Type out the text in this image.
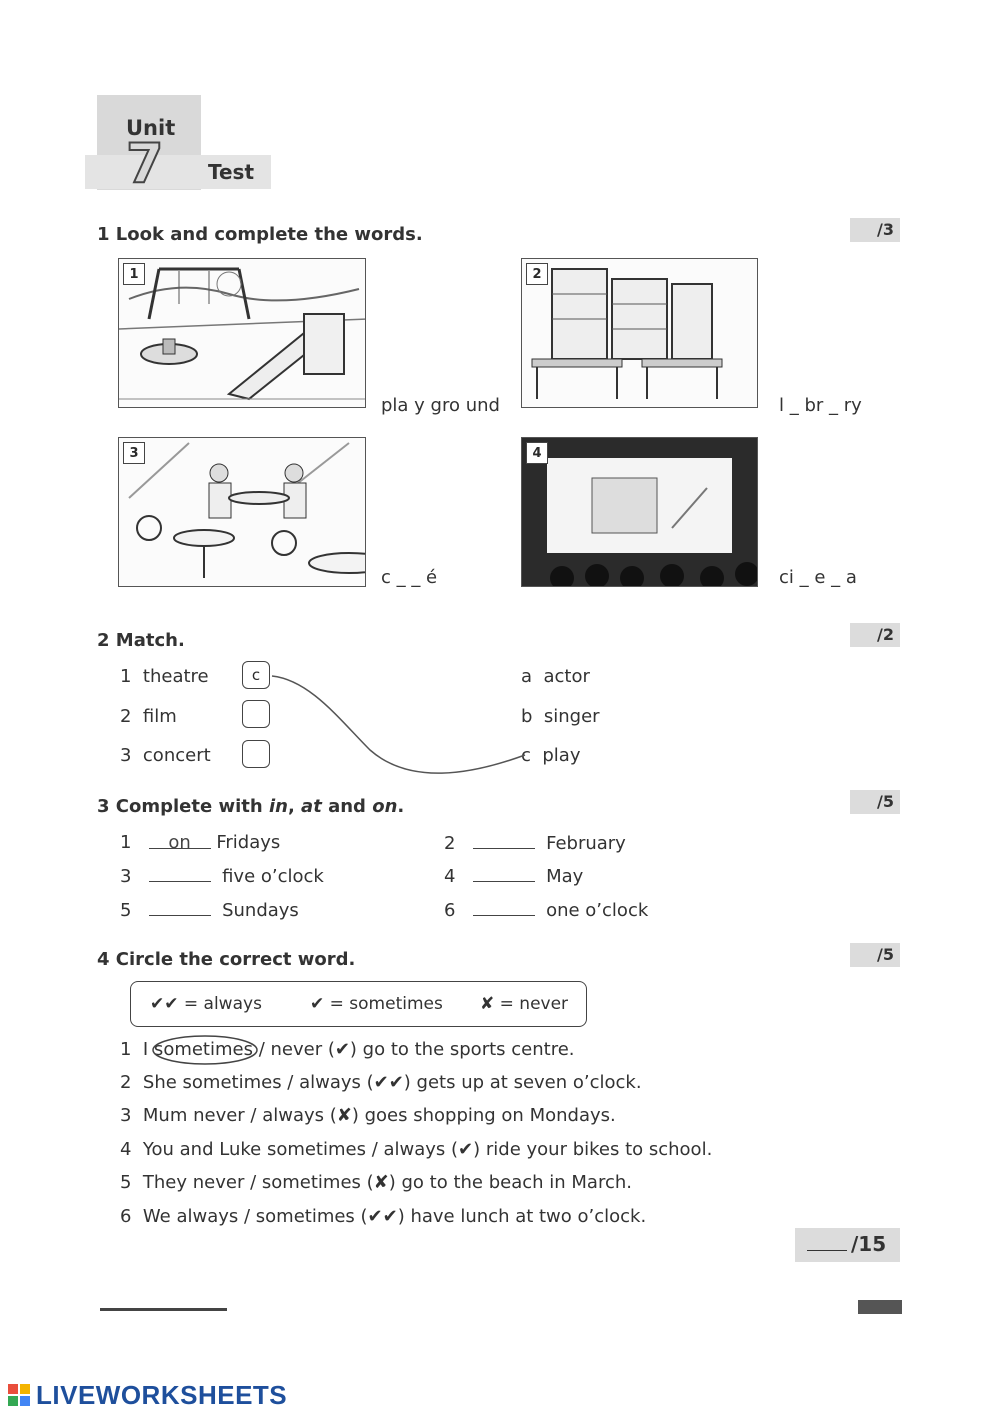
Unit
7 Test
1 Look and complete the words.	/3
1
pla y gro und
2
l _ br _ ry
3
c _ _ é
4
ci _ e _ a
2 Match.	/2
1 theatre	c
2 film
3 concert
a actor
b singer
c play
3 Complete with in, at and on.	/5
1 on Fridays	2	February
3	five o’clock	4	May
5	Sundays	6	one o’clock
4 Circle the correct word.	/5
✔✔ = always	✔ = sometimes ✘ = never
1 I sometimes / never (✔) go to the sports centre.
2 She sometimes / always (✔✔) gets up at seven o’clock.
3 Mum never / always (✘) goes shopping on Mondays.
4 You and Luke sometimes / always (✔) ride your bikes to school.
5 They never / sometimes (✘) go to the beach in March.
6 We always / sometimes (✔✔) have lunch at two o’clock.
/15
LIVEWORKSHEETS
